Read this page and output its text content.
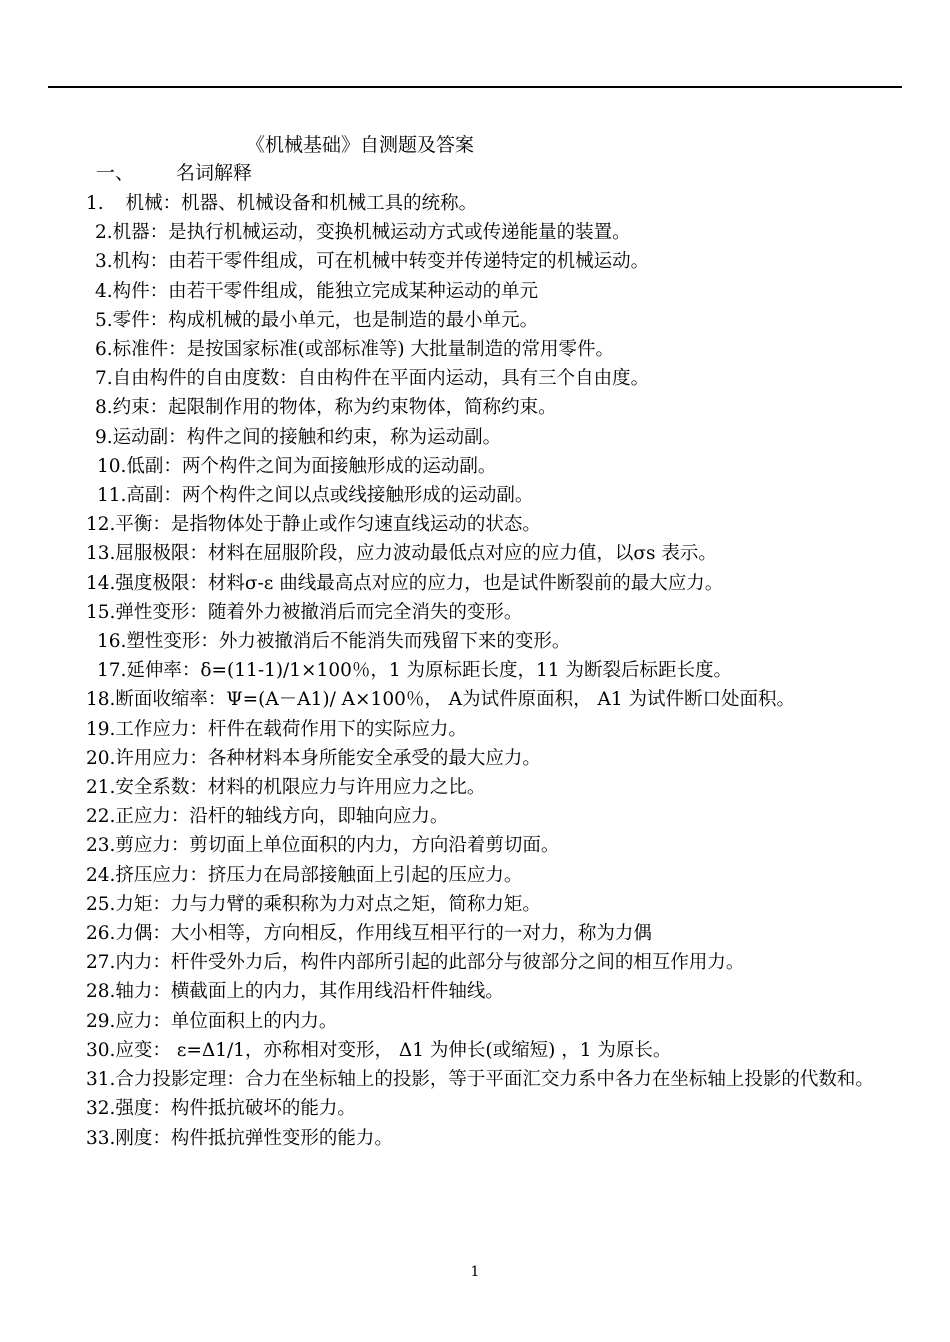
《机械基础》自测题及答案
一、 名词解释
1. 机械：机器、机械设备和机械工具的统称。
2.机器：是执行机械运动，变换机械运动方式或传递能量的装置。
3.机构：由若干零件组成，可在机械中转变并传递特定的机械运动。
4.构件：由若干零件组成，能独立完成某种运动的单元
5.零件：构成机械的最小单元，也是制造的最小单元。
6.标准件：是按国家标准(或部标准等) 大批量制造的常用零件。
7.自由构件的自由度数：自由构件在平面内运动，具有三个自由度。
8.约束：起限制作用的物体，称为约束物体，简称约束。
9.运动副：构件之间的接触和约束，称为运动副。
10.低副：两个构件之间为面接触形成的运动副。
11.高副：两个构件之间以点或线接触形成的运动副。
12.平衡：是指物体处于静止或作匀速直线运动的状态。
13.屈服极限：材料在屈服阶段，应力波动最低点对应的应力值，以σs 表示。
14.强度极限：材料σ-ε 曲线最高点对应的应力，也是试件断裂前的最大应力。
15.弹性变形：随着外力被撤消后而完全消失的变形。
16.塑性变形：外力被撤消后不能消失而残留下来的变形。
17.延伸率：δ=(11-1)/1×100％，1 为原标距长度，11 为断裂后标距长度。
18.断面收缩率：Ψ=(A－A1)/ A×100％， A为试件原面积， A1 为试件断口处面积。
19.工作应力：杆件在载荷作用下的实际应力。
20.许用应力：各种材料本身所能安全承受的最大应力。
21.安全系数：材料的机限应力与许用应力之比。
22.正应力：沿杆的轴线方向，即轴向应力。
23.剪应力：剪切面上单位面积的内力，方向沿着剪切面。
24.挤压应力：挤压力在局部接触面上引起的压应力。
25.力矩：力与力臂的乘积称为力对点之矩，简称力矩。
26.力偶：大小相等，方向相反，作用线互相平行的一对力，称为力偶
27.内力：杆件受外力后，构件内部所引起的此部分与彼部分之间的相互作用力。
28.轴力：横截面上的内力，其作用线沿杆件轴线。
29.应力：单位面积上的内力。
30.应变： ε=Δ1/1，亦称相对变形， Δ1 为伸长(或缩短) ，1 为原长。
31.合力投影定理：合力在坐标轴上的投影，等于平面汇交力系中各力在坐标轴上投影的代数和。
32.强度：构件抵抗破坏的能力。
33.刚度：构件抵抗弹性变形的能力。
1
